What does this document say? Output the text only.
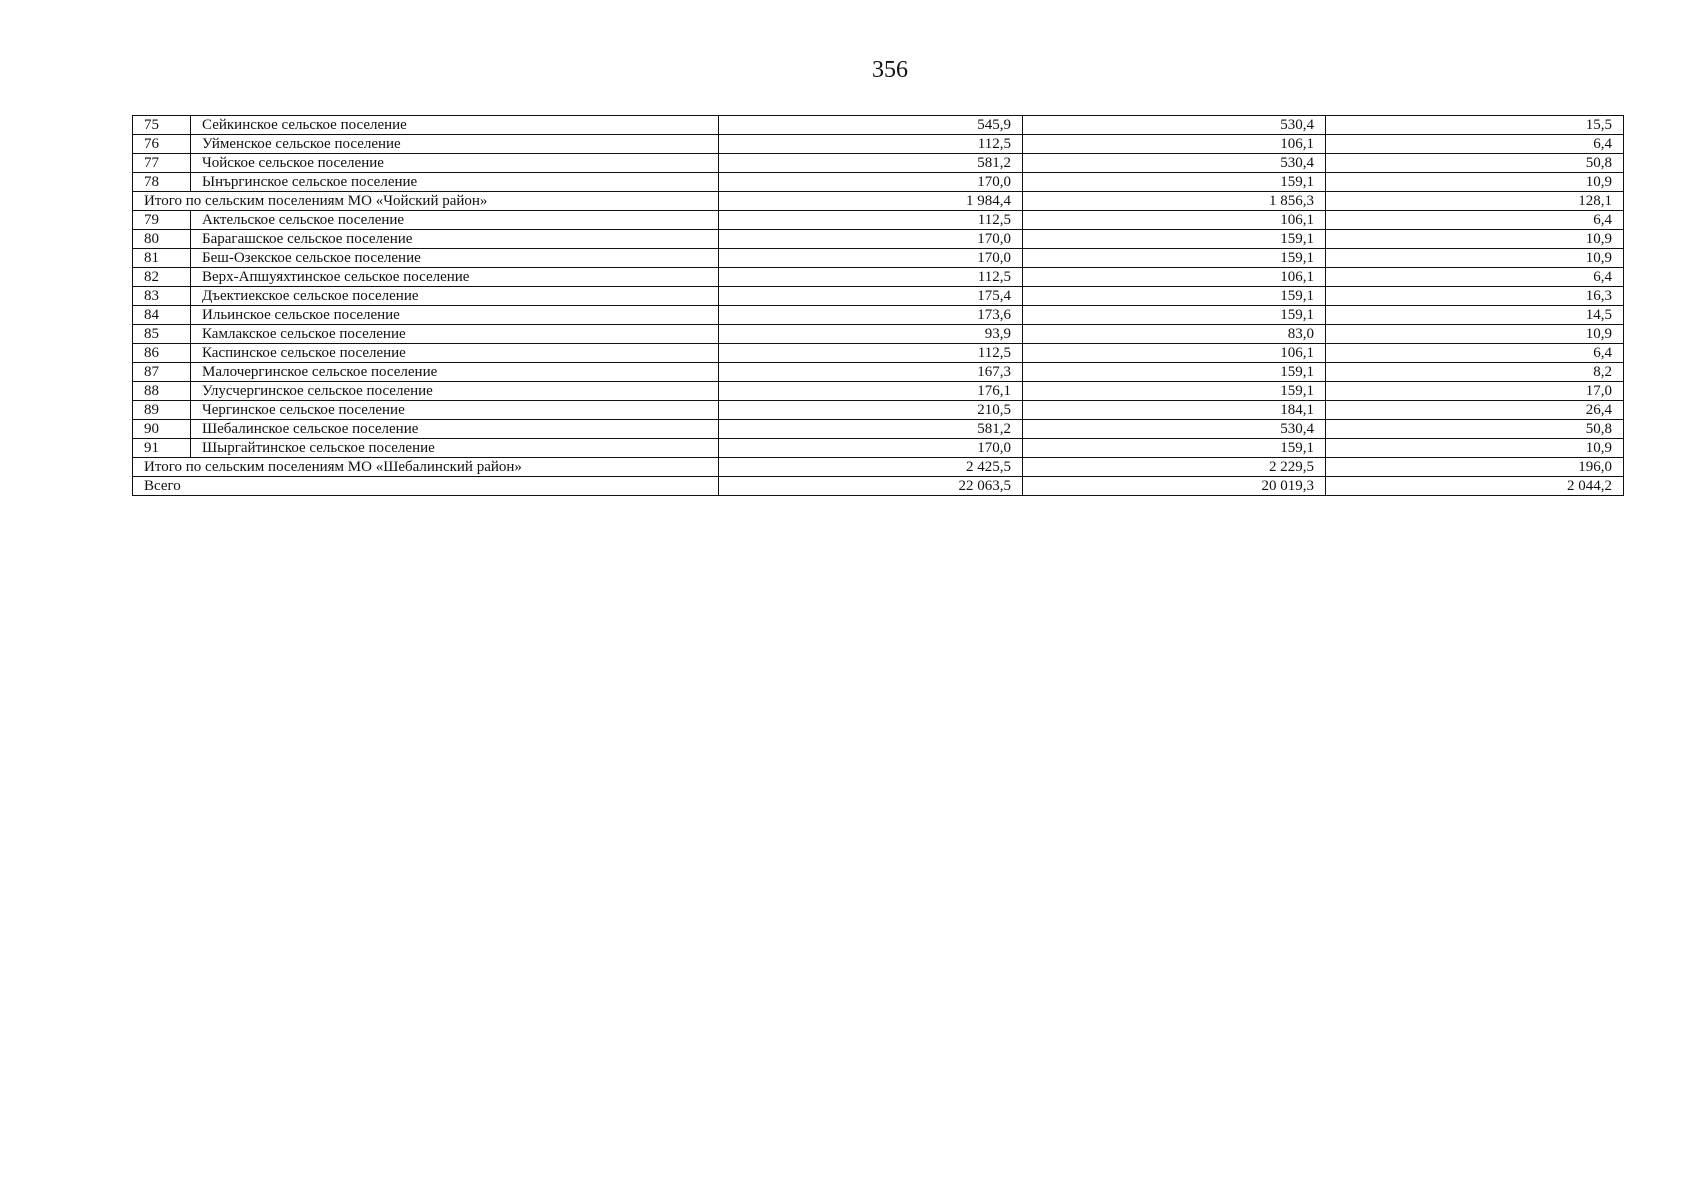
356
75	Сейкинское сельское поселение	545,9	530,4	15,5
76	Уйменское сельское поселение	112,5	106,1	6,4
77	Чойское сельское поселение	581,2	530,4	50,8
78	Ынъргинское сельское поселение	170,0	159,1	10,9
Итого по сельским поселениям МО «Чойский район»		1 984,4	1 856,3	128,1
79	Актельское сельское поселение	112,5	106,1	6,4
80	Барагашское сельское поселение	170,0	159,1	10,9
81	Беш-Озекское сельское поселение	170,0	159,1	10,9
82	Верх-Апшуяхтинское сельское поселение	112,5	106,1	6,4
83	Дъектиекское сельское поселение	175,4	159,1	16,3
84	Ильинское сельское поселение	173,6	159,1	14,5
85	Камлакское сельское поселение	93,9	83,0	10,9
86	Каспинское сельское поселение	112,5	106,1	6,4
87	Малочергинское сельское поселение	167,3	159,1	8,2
88	Улусчергинское сельское поселение	176,1	159,1	17,0
89	Чергинское сельское поселение	210,5	184,1	26,4
90	Шебалинское сельское поселение	581,2	530,4	50,8
91	Шыргайтинское сельское поселение	170,0	159,1	10,9
Итого по сельским поселениям МО «Шебалинский район»		2 425,5	2 229,5	196,0
Всего		22 063,5	20 019,3	2 044,2
